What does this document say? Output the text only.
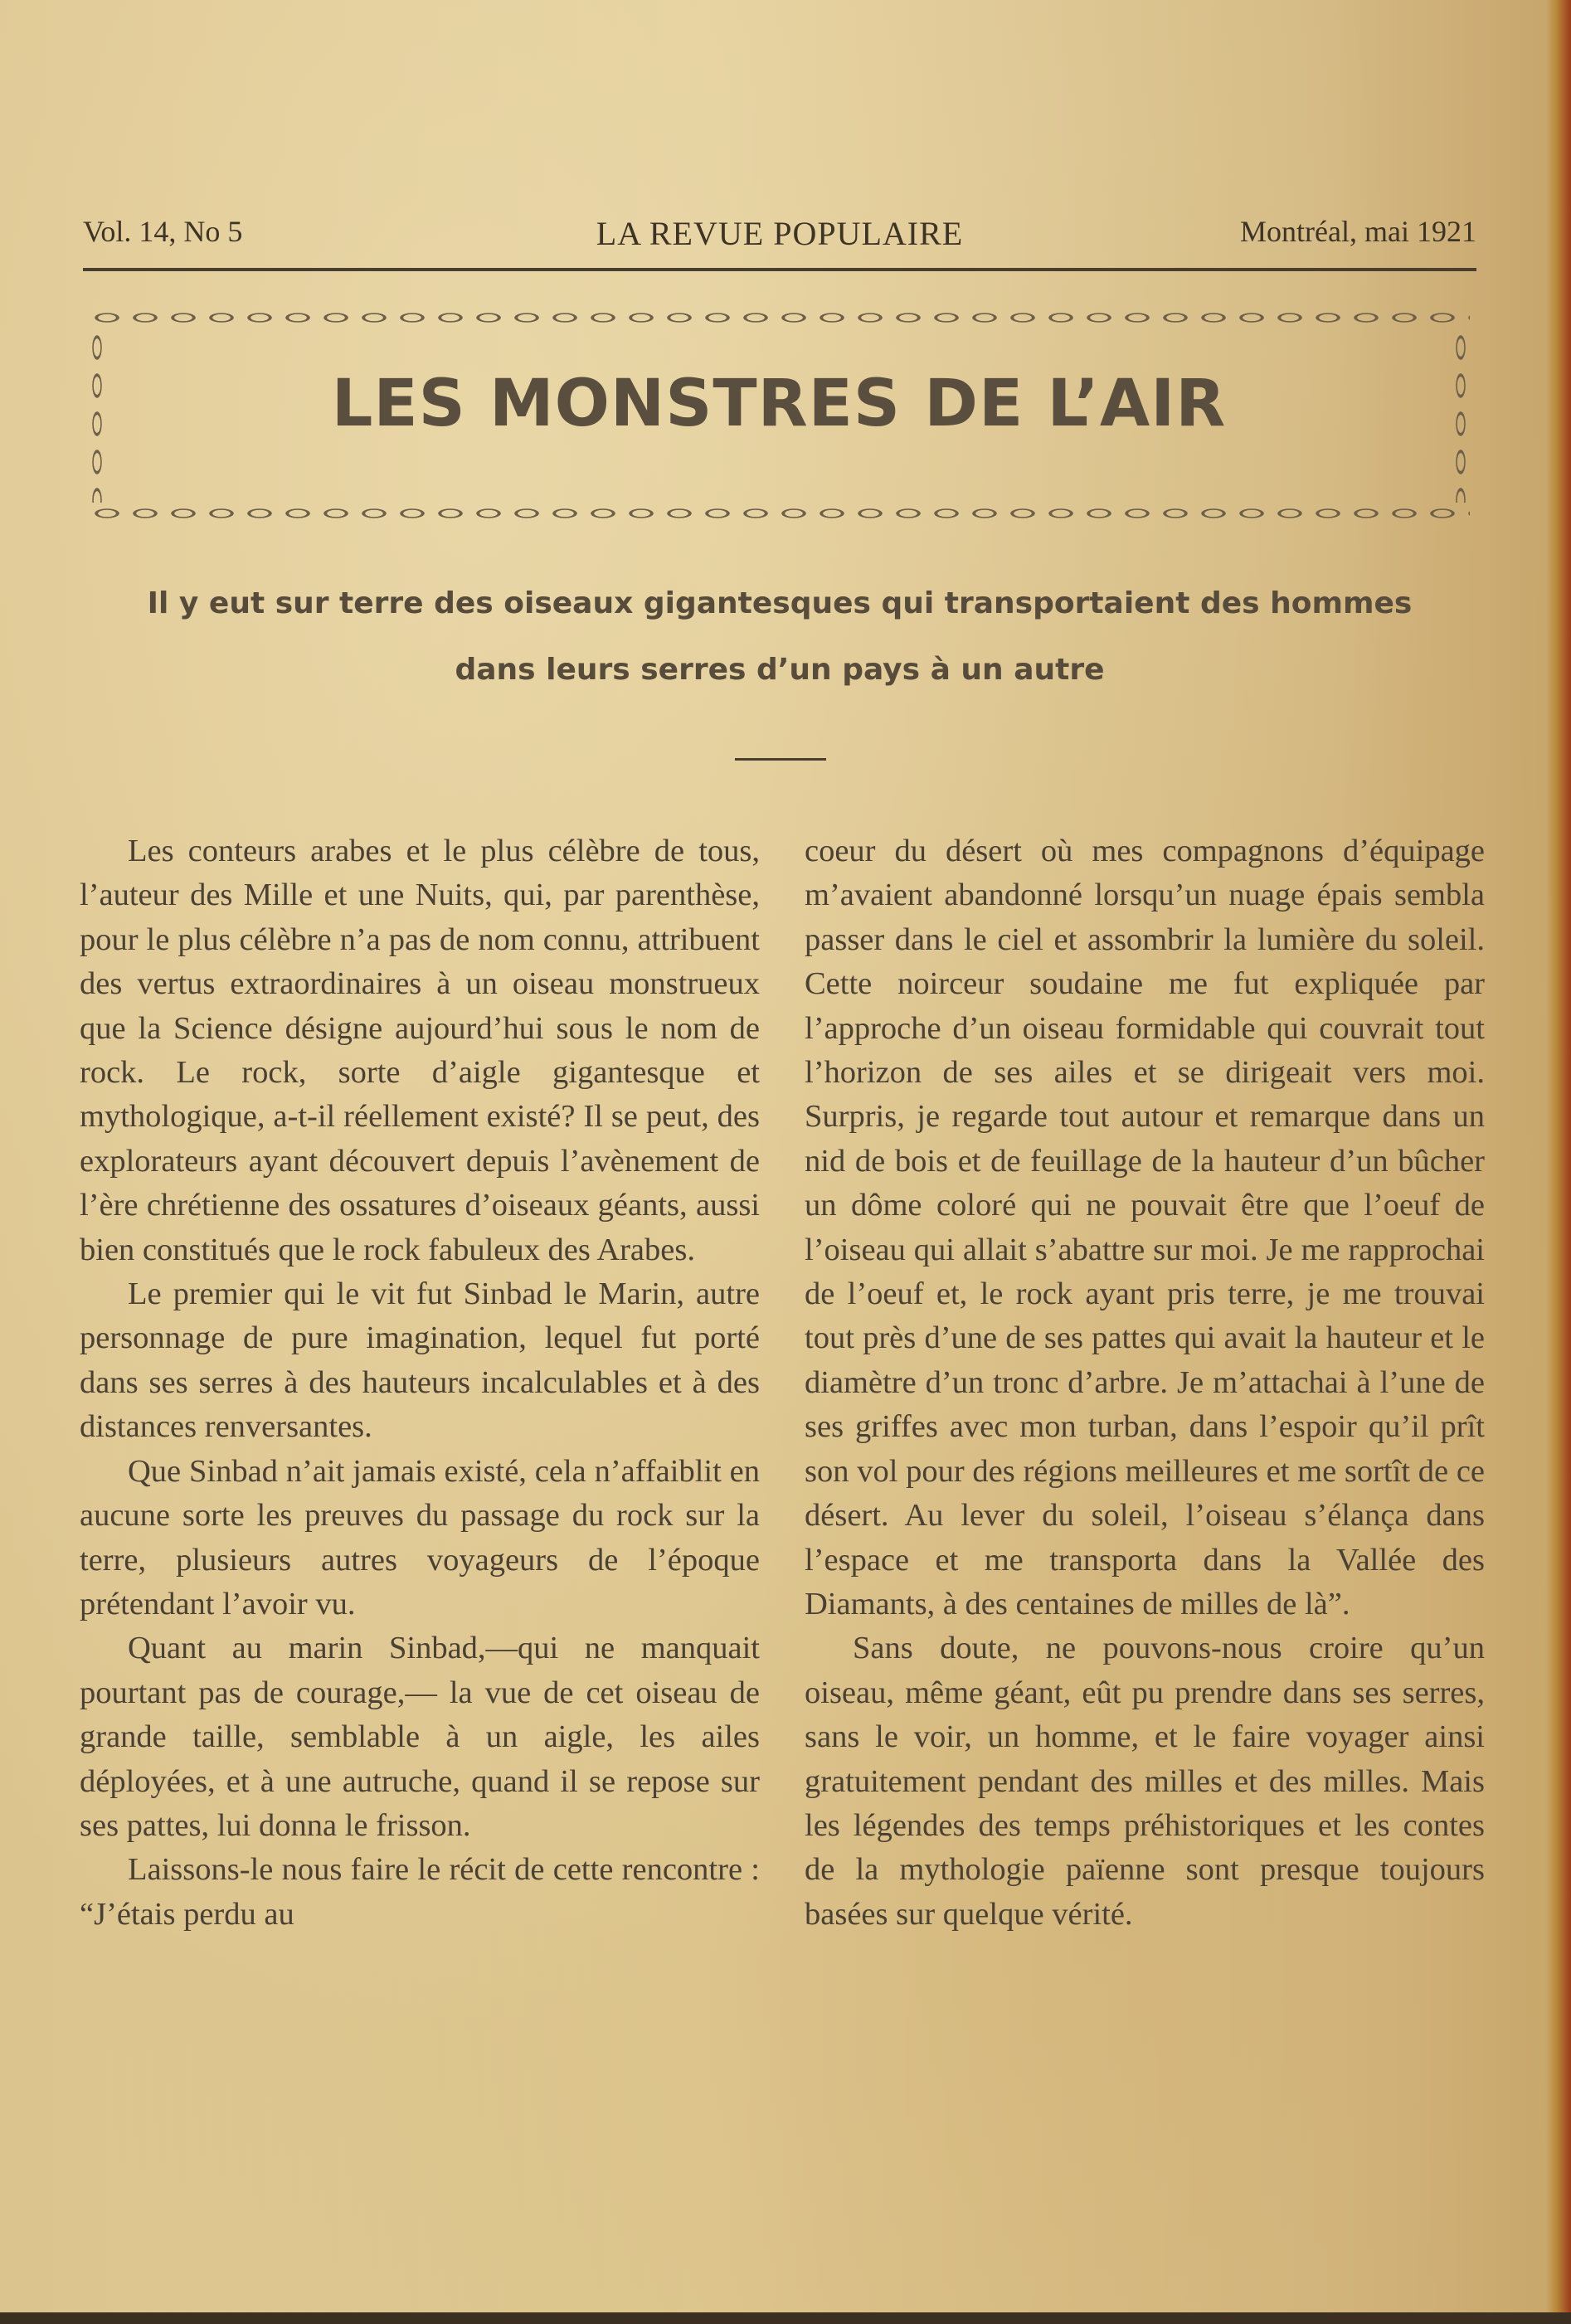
Vol. 14, No 5	LA REVUE POPULAIRE	Montréal, mai 1921
LES MONSTRES DE L’AIR
Il y eut sur terre des oiseaux gigantesques qui transportaient des hommes
dans leurs serres d’un pays à un autre

Les conteurs arabes et le plus célèbre de tous, l’auteur des Mille et une Nuits, qui, par parenthèse, pour le plus célèbre n’a pas de nom connu, attribuent des vertus extraordinaires à un oiseau monstrueux que la Science désigne aujourd’hui sous le nom de rock. Le rock, sorte d’aigle gigantesque et mythologique, a-t-il réellement existé? Il se peut, des explorateurs ayant découvert depuis l’avènement de l’ère chrétienne des ossatures d’oiseaux géants, aussi bien constitués que le rock fabuleux des Arabes.

Le premier qui le vit fut Sinbad le Marin, autre personnage de pure imagination, lequel fut porté dans ses serres à des hauteurs incalculables et à des distances renversantes.

Que Sinbad n’ait jamais existé, cela n’affaiblit en aucune sorte les preuves du passage du rock sur la terre, plusieurs autres voyageurs de l’époque prétendant l’avoir vu.

Quant au marin Sinbad,—qui ne manquait pourtant pas de courage,— la vue de cet oiseau de grande taille, semblable à un aigle, les ailes déployées, et à une autruche, quand il se repose sur ses pattes, lui donna le frisson.

Laissons-le nous faire le récit de cette rencontre : “J’étais perdu au

coeur du désert où mes compagnons d’équipage m’avaient abandonné lorsqu’un nuage épais sembla passer dans le ciel et assombrir la lumière du soleil. Cette noirceur soudaine me fut expliquée par l’approche d’un oiseau formidable qui couvrait tout l’horizon de ses ailes et se dirigeait vers moi. Surpris, je regarde tout autour et remarque dans un nid de bois et de feuillage de la hauteur d’un bûcher un dôme coloré qui ne pouvait être que l’oeuf de l’oiseau qui allait s’abattre sur moi. Je me rapprochai de l’oeuf et, le rock ayant pris terre, je me trouvai tout près d’une de ses pattes qui avait la hauteur et le diamètre d’un tronc d’arbre. Je m’attachai à l’une de ses griffes avec mon turban, dans l’espoir qu’il prît son vol pour des régions meilleures et me sortît de ce désert. Au lever du soleil, l’oiseau s’élança dans l’espace et me transporta dans la Vallée des Diamants, à des centaines de milles de là”.

Sans doute, ne pouvons-nous croire qu’un oiseau, même géant, eût pu prendre dans ses serres, sans le voir, un homme, et le faire voyager ainsi gratuitement pendant des milles et des milles. Mais les légendes des temps préhistoriques et les contes de la mythologie païenne sont presque toujours basées sur quelque vérité.
